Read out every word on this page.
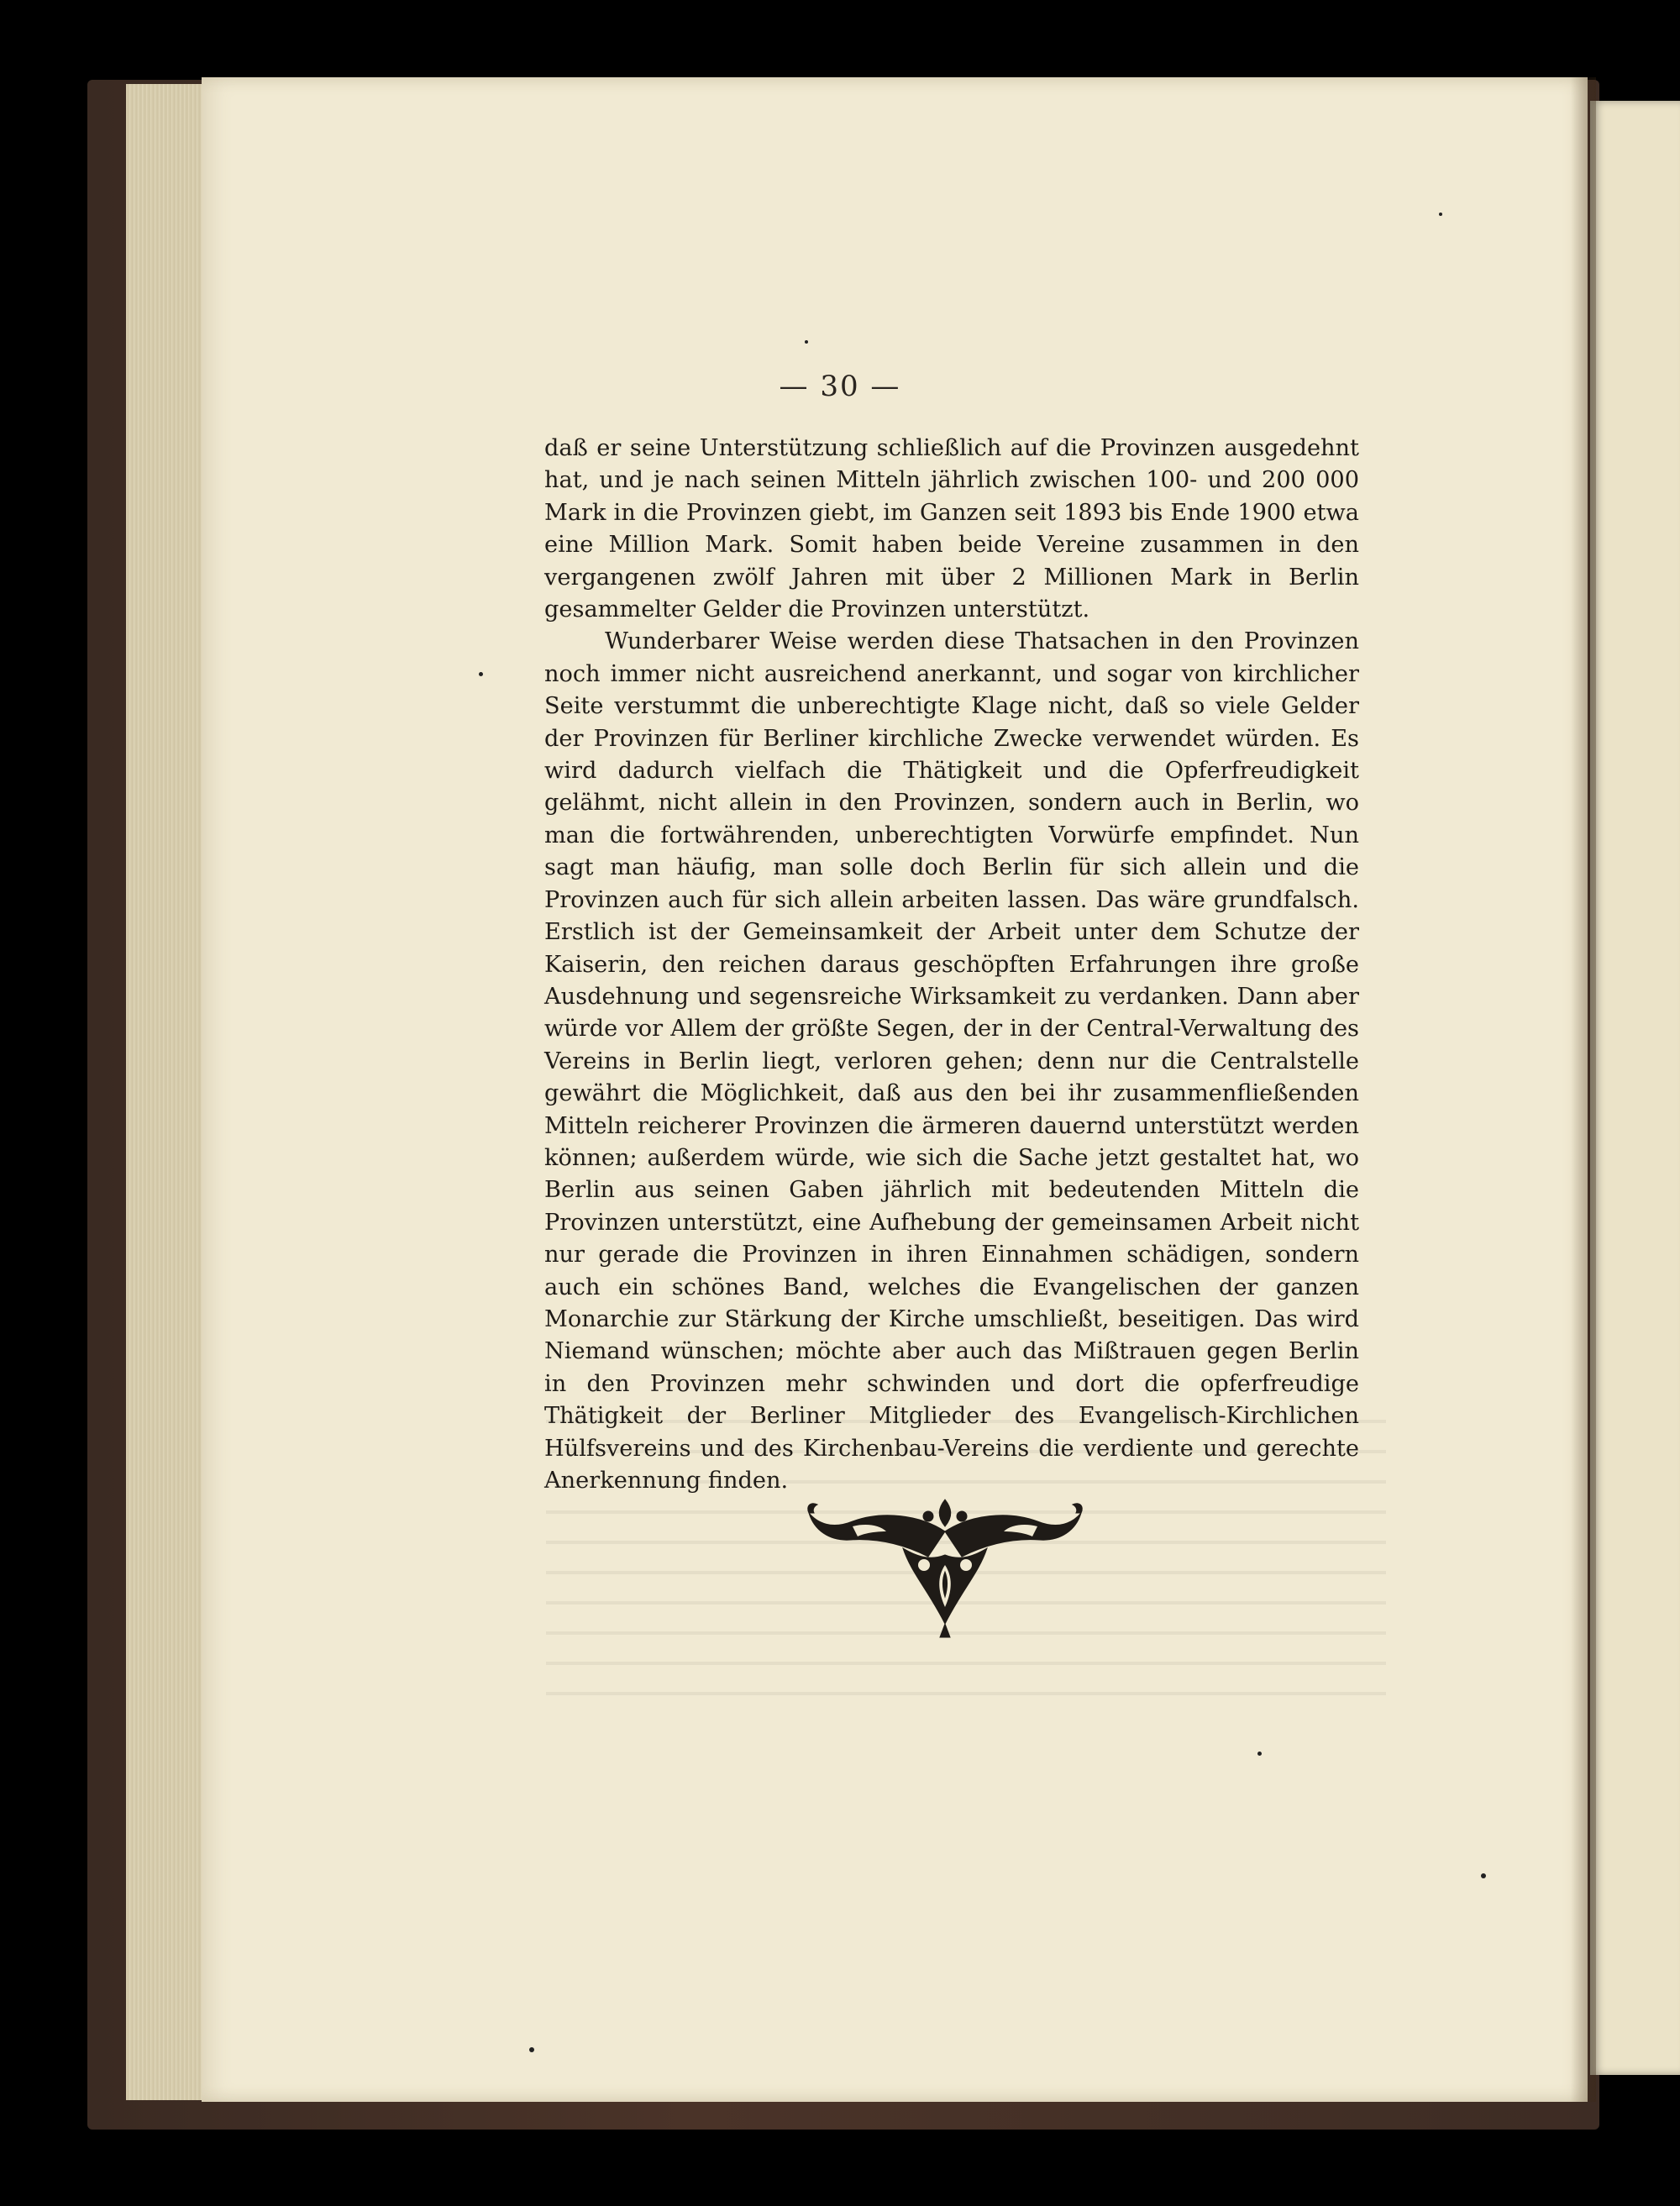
— 30 —

daß er seine Unterstützung schließlich auf die Provinzen ausgedehnt hat, und je nach seinen Mitteln jährlich zwischen 100- und 200 000 Mark in die Provinzen giebt, im Ganzen seit 1893 bis Ende 1900 etwa eine Million Mark. Somit haben beide Vereine zusammen in den vergangenen zwölf Jahren mit über 2 Millionen Mark in Berlin gesammelter Gelder die Provinzen unterstützt.

Wunderbarer Weise werden diese Thatsachen in den Provinzen noch immer nicht ausreichend anerkannt, und sogar von kirchlicher Seite verstummt die unberechtigte Klage nicht, daß so viele Gelder der Provinzen für Berliner kirchliche Zwecke verwendet würden. Es wird dadurch vielfach die Thätigkeit und die Opferfreudigkeit gelähmt, nicht allein in den Provinzen, sondern auch in Berlin, wo man die fortwährenden, unberechtigten Vorwürfe empfindet. Nun sagt man häufig, man solle doch Berlin für sich allein und die Provinzen auch für sich allein arbeiten lassen. Das wäre grundfalsch. Erstlich ist der Gemeinsamkeit der Arbeit unter dem Schutze der Kaiserin, den reichen daraus geschöpften Erfahrungen ihre große Ausdehnung und segensreiche Wirksamkeit zu verdanken. Dann aber würde vor Allem der größte Segen, der in der Central-Verwaltung des Vereins in Berlin liegt, verloren gehen; denn nur die Centralstelle gewährt die Möglichkeit, daß aus den bei ihr zusammenfließenden Mitteln reicherer Provinzen die ärmeren dauernd unterstützt werden können; außerdem würde, wie sich die Sache jetzt gestaltet hat, wo Berlin aus seinen Gaben jährlich mit bedeutenden Mitteln die Provinzen unterstützt, eine Aufhebung der gemeinsamen Arbeit nicht nur gerade die Provinzen in ihren Einnahmen schädigen, sondern auch ein schönes Band, welches die Evangelischen der ganzen Monarchie zur Stärkung der Kirche umschließt, beseitigen. Das wird Niemand wünschen; möchte aber auch das Mißtrauen gegen Berlin in den Provinzen mehr schwinden und dort die opferfreudige Thätigkeit der Berliner Mitglieder des Evangelisch-Kirchlichen Hülfsvereins und des Kirchenbau-Vereins die verdiente und gerechte Anerkennung finden.
